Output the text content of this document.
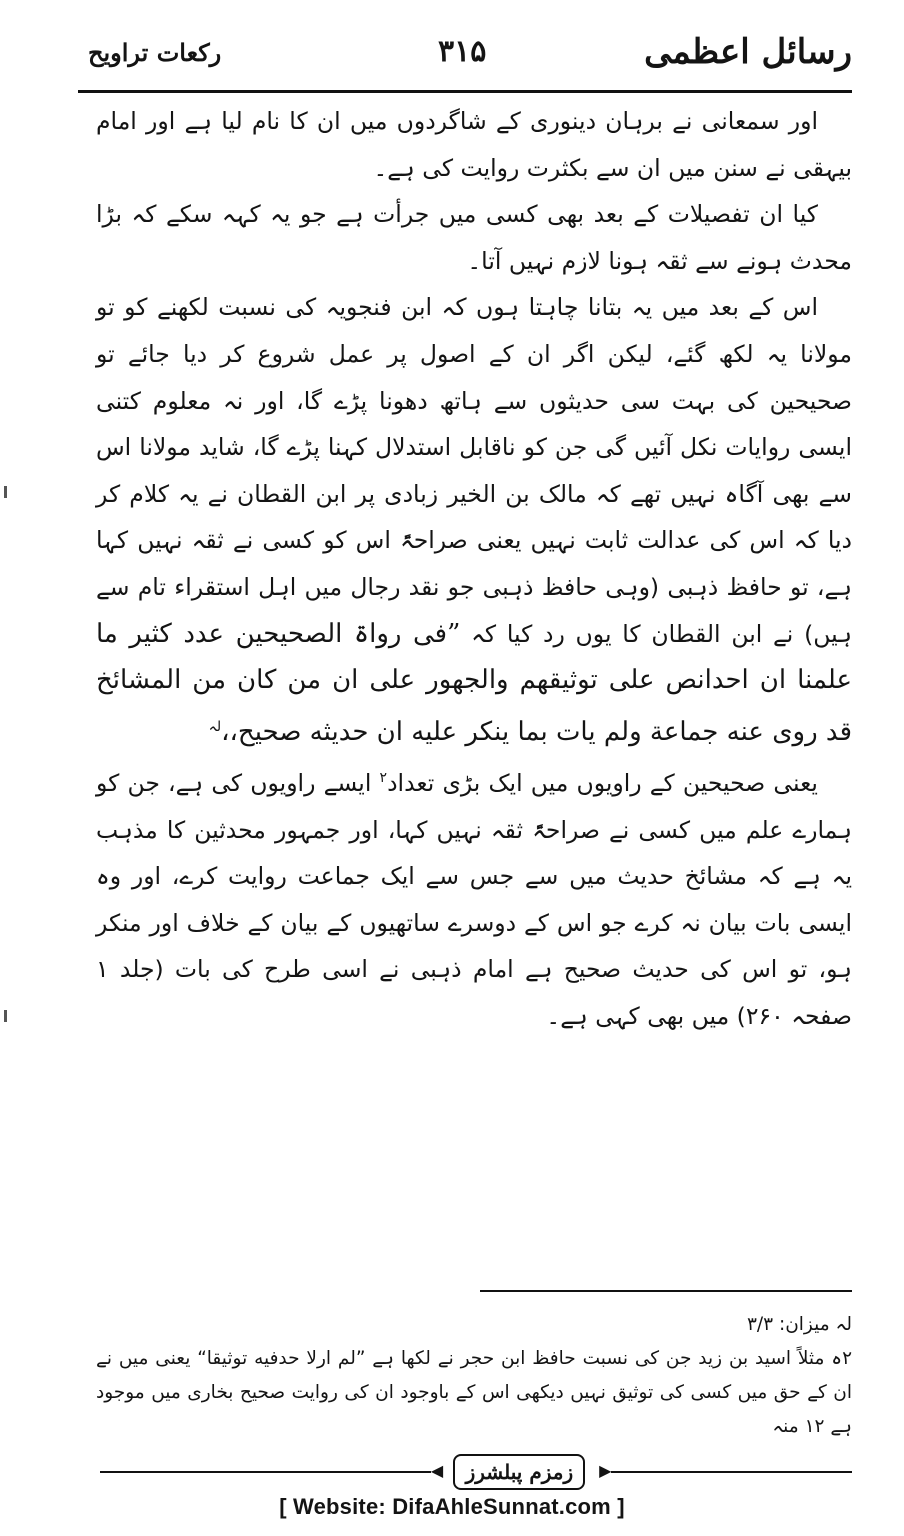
رسائل اعظمی
۳۱۵
رکعات تراویح

اور سمعانی نے برہان دینوری کے شاگردوں میں ان کا نام لیا ہے اور امام بیہقی نے سنن میں ان سے بکثرت روایت کی ہے۔

کیا ان تفصیلات کے بعد بھی کسی میں جرأت ہے جو یہ کہہ سکے کہ بڑا محدث ہونے سے ثقہ ہونا لازم نہیں آتا۔

اس کے بعد میں یہ بتانا چاہتا ہوں کہ ابن فنجویہ کی نسبت لکھنے کو تو مولانا یہ لکھ گئے، لیکن اگر ان کے اصول پر عمل شروع کر دیا جائے تو صحیحین کی بہت سی حدیثوں سے ہاتھ دھونا پڑے گا، اور نہ معلوم کتنی ایسی روایات نکل آئیں گی جن کو ناقابل استدلال کہنا پڑے گا، شاید مولانا اس سے بھی آگاہ نہیں تھے کہ مالک بن الخیر زبادی پر ابن القطان نے یہ کلام کر دیا کہ اس کی عدالت ثابت نہیں یعنی صراحۃً اس کو کسی نے ثقہ نہیں کہا ہے، تو حافظ ذہبی (وہی حافظ ذہبی جو نقد رجال میں اہل استقراء تام سے ہیں) نے ابن القطان کا یوں رد کیا کہ ”فی رواۃ الصحیحین عدد کثیر ما علمنا ان احدانص علی توثیقھم والجھور علی ان من کان من المشائخ قد روی عنه جماعة ولم یات بما ینکر علیه ان حدیثه صحیح،،$^{لہ}$

یعنی صحیحین کے راویوں میں ایک بڑی تعداد$^۲$ ایسے راویوں کی ہے، جن کو ہمارے علم میں کسی نے صراحۃً ثقہ نہیں کہا، اور جمہور محدثین کا مذہب یہ ہے کہ مشائخ حدیث میں سے جس سے ایک جماعت روایت کرے، اور وہ ایسی بات بیان نہ کرے جو اس کے دوسرے ساتھیوں کے بیان کے خلاف اور منکر ہو، تو اس کی حدیث صحیح ہے امام ذہبی نے اسی طرح کی بات (جلد ۱ صفحہ ۲۶۰) میں بھی کہی ہے۔

لہ میزان: ۳/۳

۲ہ مثلاً اسید بن زید جن کی نسبت حافظ ابن حجر نے لکھا ہے ”لم ارلا حدفیه توثیقا“ یعنی میں نے ان کے حق میں کسی کی توثیق نہیں دیکھی اس کے باوجود ان کی روایت صحیح بخاری میں موجود ہے ۱۲ منہ

◀	زمزم پبلشرز	▶
[ Website: DifaAhleSunnat.com ]
